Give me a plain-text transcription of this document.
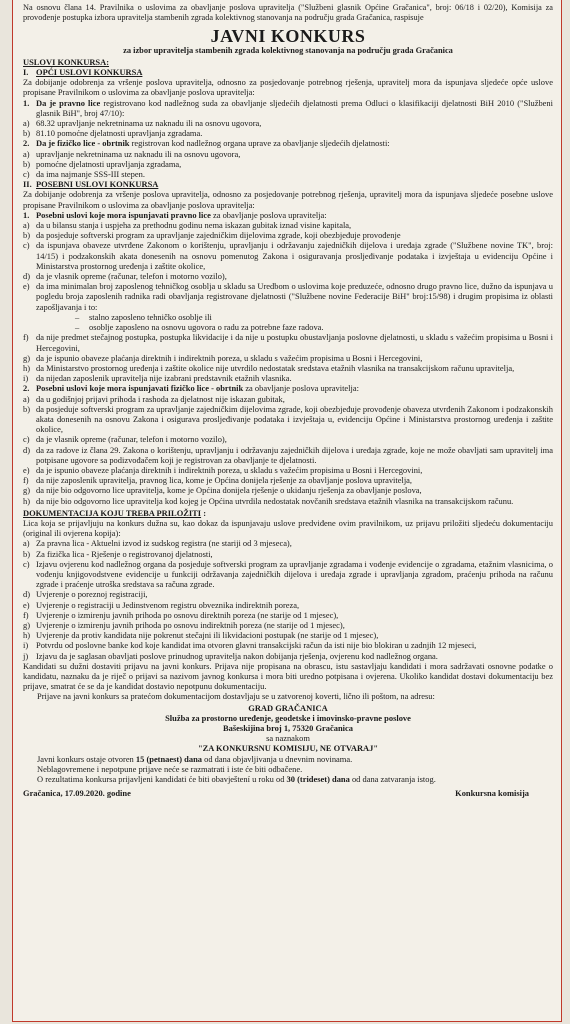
Na osnovu člana 14. Pravilnika o uslovima za obavljanje poslova upravitelja ("Službeni glasnik Općine Gračanica", broj: 06/18 i 02/20), Komisija za provođenje postupka izbora upravitelja stambenih zgrada kolektivnog stanovanja na području grada Gračanica, raspisuje
JAVNI KONKURS
za izbor upravitelja stambenih zgrada kolektivnog stanovanja na području grada Gračanica
USLOVI KONKURSA:
I. OPĆI USLOVI KONKURSA
Za dobijanje odobrenja za vršenje poslova upravitelja, odnosno za posjedovanje potrebnog rješenja, upravitelj mora da ispunjava sljedeće opće uslove propisane Pravilnikom o uslovima za obavljanje poslova upravitelja:
1. Da je pravno lice registrovano kod nadležnog suda za obavljanje sljedećih djelatnosti prema Odluci o klasifikaciji djelatnosti BiH 2010 ("Službeni glasnik BiH", broj 47/10):
a) 68.32 upravljanje nekretninama uz naknadu ili na osnovu ugovora,
b) 81.10 pomoćne djelatnosti upravljanja zgradama.
2. Da je fizičko lice - obrtnik registrovan kod nadležnog organa uprave za obavljanje sljedećih djelatnosti:
a) upravljanje nekretninama uz naknadu ili na osnovu ugovora,
b) pomoćne djelatnosti upravljanja zgradama,
c) da ima najmanje SSS-III stepen.
II. POSEBNI USLOVI KONKURSA
Za dobijanje odobrenja za vršenje poslova upravitelja, odnosno za posjedovanje potrebnog rješenja, upravitelj mora da ispunjava sljedeće posebne uslove propisane Pravilnikom o uslovima za obavljanje poslova upravitelja:
1. Posebni uslovi koje mora ispunjavati pravno lice za obavljanje poslova upravitelja:
a) da u bilansu stanja i uspjeha za prethodnu godinu nema iskazan gubitak iznad visine kapitala,
b) da posjeduje softverski program za upravljanje zajedničkim dijelovima zgrade, koji obezbjeđuje provođenje
c) da ispunjava obaveze utvrđene Zakonom o korištenju, upravljanju i održavanju zajedničkih dijelova i uređaja zgrade ("Službene novine TK", broj: 14/15) i podzakonskih akata donesenih na osnovu pomenutog Zakona i osiguravanja prosljeđivanje podataka i izvještaja u evidenciju Općine i Ministarstva prostornog uređenja i zaštite okolice,
d) da je vlasnik opreme (računar, telefon i motorno vozilo),
e) da ima minimalan broj zaposlenog tehničkog osoblja u skladu sa Uredbom o uslovima koje preduzeće, odnosno drugo pravno lice, dužno da ispunjava u pogledu broja zaposlenih radnika radi obavljanja registrovane djelatnosti ("Službene novine Federacije BiH" broj:15/98) i drugim propisima iz oblasti zapošljavanja i to:
–	stalno zaposleno tehničko osoblje ili
–	osoblje zaposleno na osnovu ugovora o radu za potrebne faze radova.
f) da nije predmet stečajnog postupka, postupka likvidacije i da nije u postupku obustavljanja poslovne djelatnosti, u skladu s važećim propisima u Bosni i Hercegovini,
g) da je ispunio obaveze plaćanja direktnih i indirektnih poreza, u skladu s važećim propisima u Bosni i Hercegovini,
h) da Ministarstvo prostornog uređenja i zaštite okolice nije utvrdilo nedostatak sredstava etažnih vlasnika na transakcijskom računu upravitelja,
i) da nijedan zaposlenik upravitelja nije izabrani predstavnik etažnih vlasnika.
2. Posebni uslovi koje mora ispunjavati fizičko lice - obrtnik za obavljanje poslova upravitelja:
a) da u godišnjoj prijavi prihoda i rashoda za djelatnost nije iskazan gubitak,
b) da posjeduje softverski program za upravljanje zajedničkim dijelovima zgrade, koji obezbjeđuje provođenje obaveza utvrđenih Zakonom i podzakonskih akata donesenih na osnovu Zakona i osigurava prosljeđivanje podataka i izvještaja u, evidenciju Općine i Ministarstva prostornog uređenja i zaštite okolice,
c) da je vlasnik opreme (računar, telefon i motorno vozilo),
d) da za radove iz člana 29. Zakona o korištenju, upravljanju i održavanju zajedničkih dijelova i uređaja zgrade, koje ne može obavljati sam upravitelj ima potpisane ugovore sa podizvođačem koji je registrovan za obavljanje te djelatnosti.
e) da je ispunio obaveze plaćanja direktnih i indirektnih poreza, u skladu s važećim propisima u Bosni i Hercegovini,
f) da nije zaposlenik upravitelja, pravnog lica, kome je Općina donijela rješenje za obavljanje poslova upravitelja,
g) da nije bio odgovorno lice upravitelja, kome je Općina donijela rješenje o ukidanju rješenja za obavljanje poslova,
h) da nije bio odgovorno lice upravitelja kod kojeg je Općina utvrdila nedostatak novčanih sredstava etažnih vlasnika na transakcijskom računu.
DOKUMENTACIJA KOJU TREBA PRILOŽITI :
Lica koja se prijavljuju na konkurs dužna su, kao dokaz da ispunjavaju uslove predviđene ovim pravilnikom, uz prijavu priložiti sljedeću dokumentaciju (original ili ovjerena kopija):
a) Za pravna lica - Aktuelni izvod iz sudskog registra (ne stariji od 3 mjeseca),
b) Za fizička lica - Rješenje o registrovanoj djelatnosti,
c) Izjavu ovjerenu kod nadležnog organa da posjeduje softverski program za upravljanje zgradama i vođenje evidencije o zgradama, etažnim vlasnicima, o vođenju knjigovodstvene evidencije u funkciji održavanja zajedničkih dijelova i uređaja zgrade i upravljanja zgradom, praćenju prihoda na računu zgrade i praćenje utroška sredstava sa računa zgrade.
d) Uvjerenje o poreznoj registraciji,
e) Uvjerenje o registraciji u Jedinstvenom registru obveznika indirektnih poreza,
f) Uvjerenje o izmirenju javnih prihoda po osnovu direktnih poreza (ne starije od 1 mjesec),
g) Uvjerenje o izmirenju javnih prihoda po osnovu indirektnih poreza (ne starije od 1 mjesec),
h) Uvjerenje da protiv kandidata nije pokrenut stečajni ili likvidacioni postupak (ne starije od 1 mjesec),
i) Potvrdu od poslovne banke kod koje kandidat ima otvoren glavni transakcijski račun da isti nije bio blokiran u zadnjih 12 mjeseci,
j) Izjavu da je saglasan obavljati poslove prinudnog upravitelja nakon dobijanja rješenja, ovjerenu kod nadležnog organa.
Kandidati su dužni dostaviti prijavu na javni konkurs. Prijava nije propisana na obrascu, istu sastavljaju kandidati i mora sadržavati osnovne podatke o kandidatu, naznaku da je riječ o prijavi sa nazivom javnog konkursa i mora biti uredno potpisana i ovjerena. Ukoliko kandidat dostavi dokumentaciju bez prijave, smatrat će se da je kandidat dostavio nepotpunu dokumentaciju.
Prijave na javni konkurs sa pratećom dokumentacijom dostavljaju se u zatvorenoj koverti, lično ili poštom, na adresu:
GRAD GRAČANICA
Služba za prostorno uređenje, geodetske i imovinsko-pravne poslove
Bašeskijina broj 1, 75320 Gračanica
sa naznakom
"ZA KONKURSNU KOMISIJU, NE OTVARAJ"
Javni konkurs ostaje otvoren 15 (petnaest) dana od dana objavljivanja u dnevnim novinama.
Neblagovremene i nepotpune prijave neće se razmatrati i iste će biti odbačene.
O rezultatima konkursa prijavljeni kandidati će biti obavještení u roku od 30 (trideset) dana od dana zatvaranja istog.
Gračanica, 17.09.2020. godine	Konkursna komisija
